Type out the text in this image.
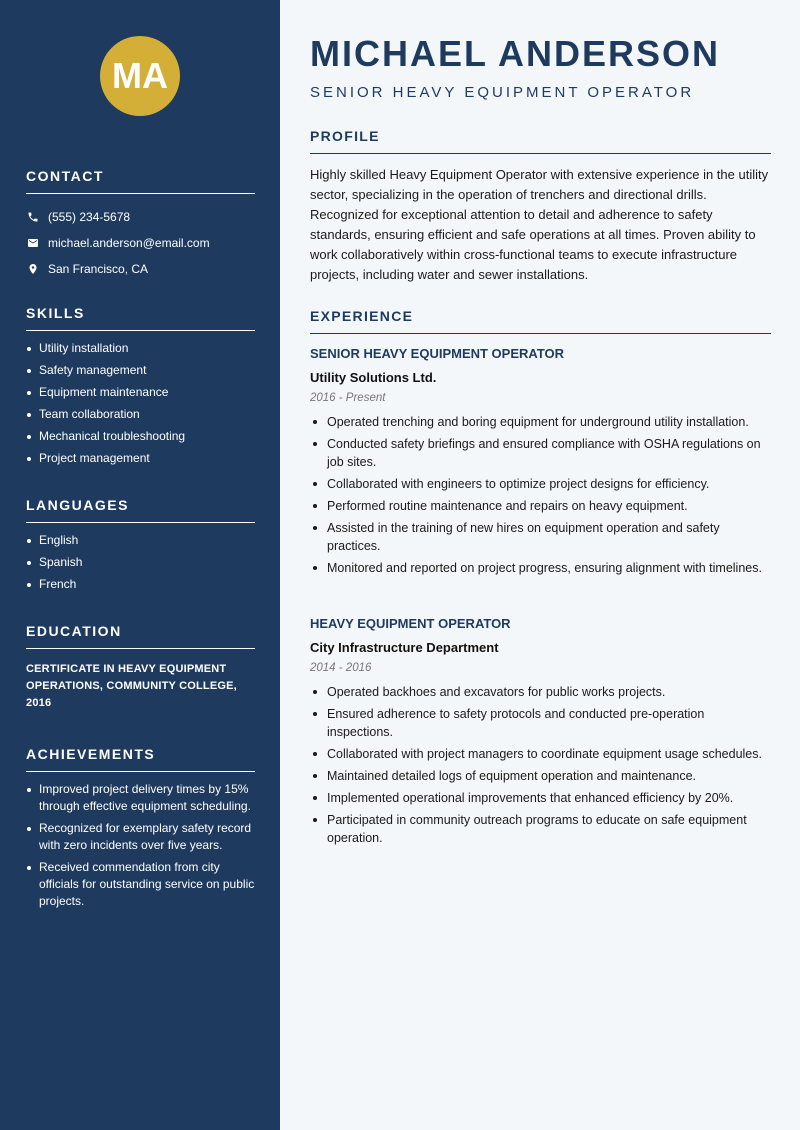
MA
CONTACT
(555) 234-5678
michael.anderson@email.com
San Francisco, CA
SKILLS
Utility installation
Safety management
Equipment maintenance
Team collaboration
Mechanical troubleshooting
Project management
LANGUAGES
English
Spanish
French
EDUCATION
CERTIFICATE IN HEAVY EQUIPMENT OPERATIONS, COMMUNITY COLLEGE, 2016
ACHIEVEMENTS
Improved project delivery times by 15% through effective equipment scheduling.
Recognized for exemplary safety record with zero incidents over five years.
Received commendation from city officials for outstanding service on public projects.
MICHAEL ANDERSON
SENIOR HEAVY EQUIPMENT OPERATOR
PROFILE
Highly skilled Heavy Equipment Operator with extensive experience in the utility sector, specializing in the operation of trenchers and directional drills. Recognized for exceptional attention to detail and adherence to safety standards, ensuring efficient and safe operations at all times. Proven ability to work collaboratively within cross-functional teams to execute infrastructure projects, including water and sewer installations.
EXPERIENCE
SENIOR HEAVY EQUIPMENT OPERATOR
Utility Solutions Ltd.
2016 - Present
Operated trenching and boring equipment for underground utility installation.
Conducted safety briefings and ensured compliance with OSHA regulations on job sites.
Collaborated with engineers to optimize project designs for efficiency.
Performed routine maintenance and repairs on heavy equipment.
Assisted in the training of new hires on equipment operation and safety practices.
Monitored and reported on project progress, ensuring alignment with timelines.
HEAVY EQUIPMENT OPERATOR
City Infrastructure Department
2014 - 2016
Operated backhoes and excavators for public works projects.
Ensured adherence to safety protocols and conducted pre-operation inspections.
Collaborated with project managers to coordinate equipment usage schedules.
Maintained detailed logs of equipment operation and maintenance.
Implemented operational improvements that enhanced efficiency by 20%.
Participated in community outreach programs to educate on safe equipment operation.
